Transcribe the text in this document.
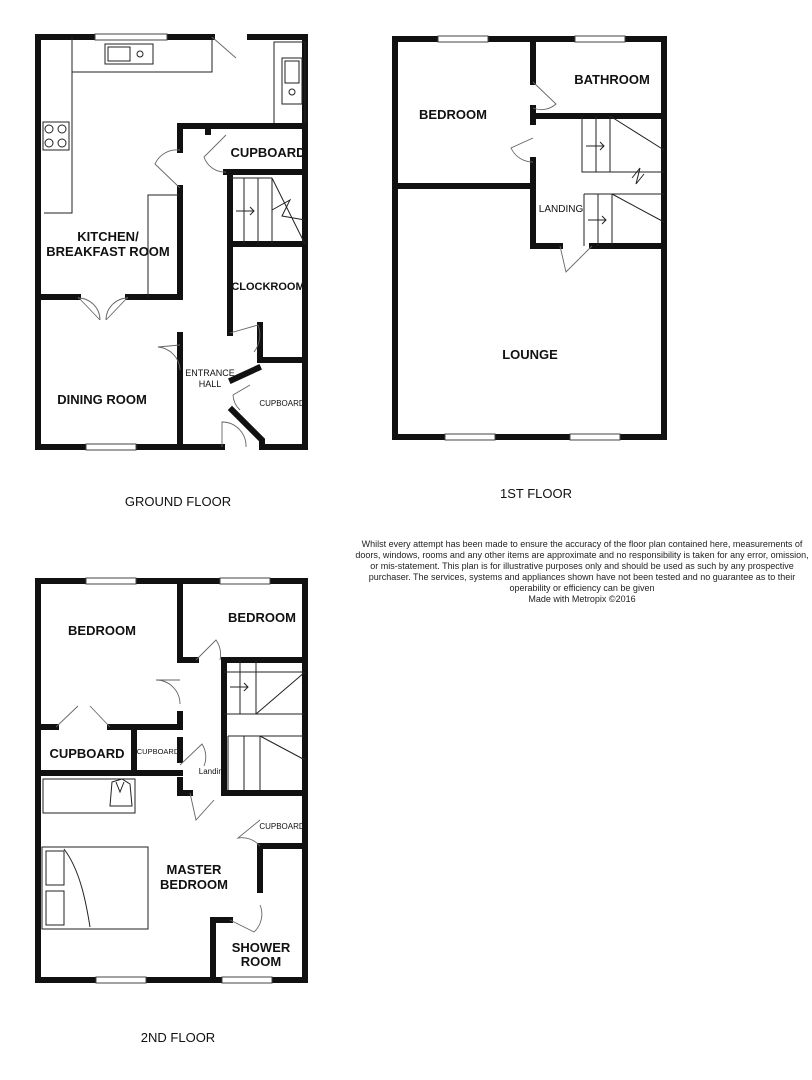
KITCHEN/
BREAKFAST ROOM
DINING ROOM
CUPBOARD
CLOCKROOM
ENTRANCE
HALL
CUPBOARD
GROUND FLOOR
BEDROOM
BATHROOM
LANDING
LOUNGE
1ST FLOOR
BEDROOM
BEDROOM
CUPBOARD CUPBOARD
Landing
CUPBOARD
MASTER
BEDROOM
SHOWER
ROOM
2ND FLOOR
Whilst every attempt has been made to ensure the accuracy of the floor plan contained here, measurements of doors, windows, rooms and any other items are approximate and no responsibility is taken for any error, omission, or mis-statement. This plan is for illustrative purposes only and should be used as such by any prospective purchaser. The services, systems and appliances shown have not been tested and no guarantee as to their operability or efficiency can be given
Made with Metropix ©2016
